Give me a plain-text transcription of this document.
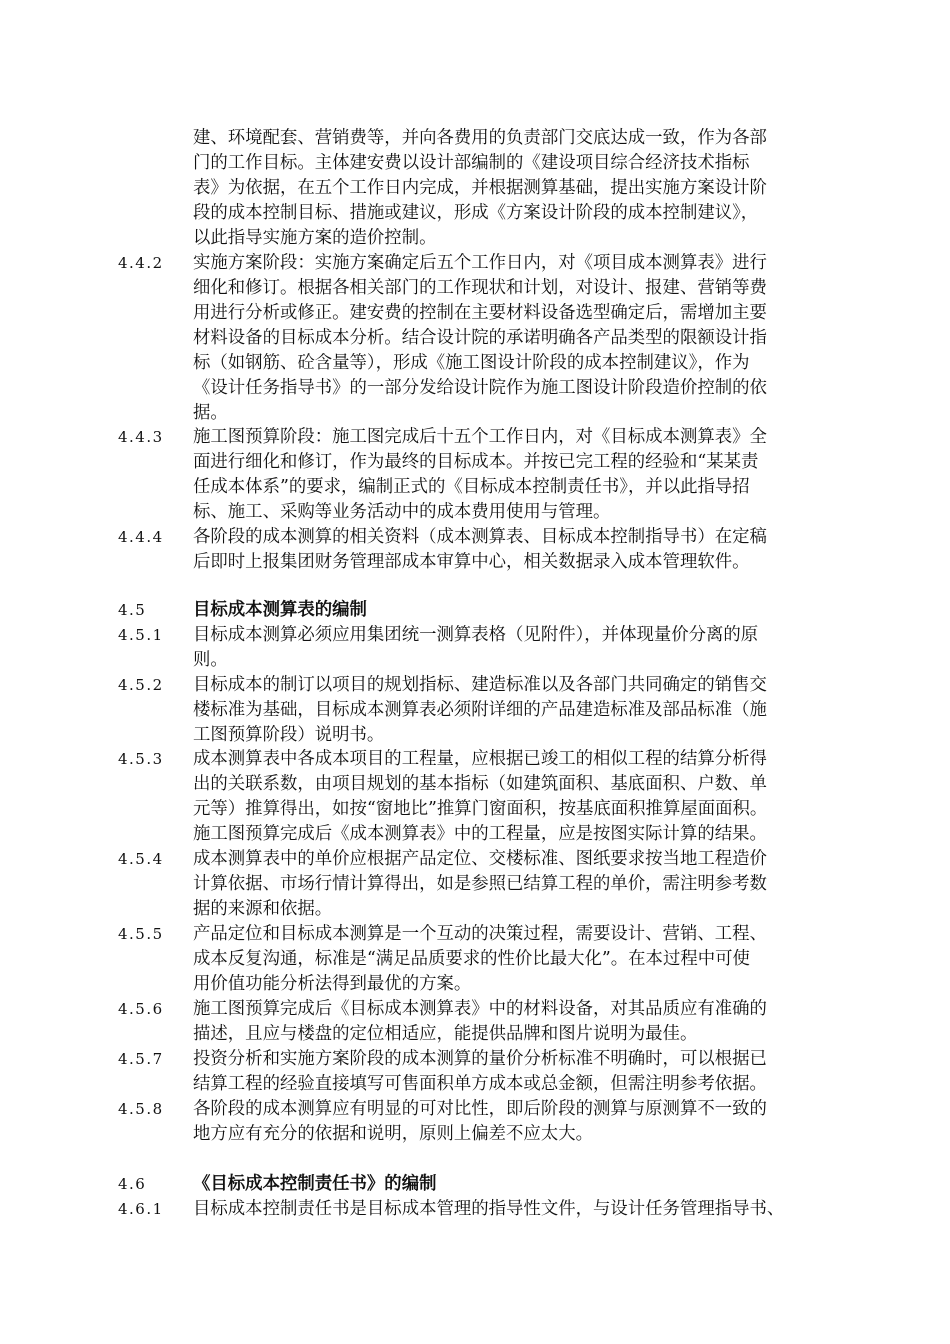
建、环境配套、营销费等，并向各费用的负责部门交底达成一致，作为各部
门的工作目标。主体建安费以设计部编制的《建设项目综合经济技术指标
表》为依据，在五个工作日内完成，并根据测算基础，提出实施方案设计阶
段的成本控制目标、措施或建议，形成《方案设计阶段的成本控制建议》，
以此指导实施方案的造价控制。
4.4.2 实施方案阶段：实施方案确定后五个工作日内，对《项目成本测算表》进行
细化和修订。根据各相关部门的工作现状和计划，对设计、报建、营销等费
用进行分析或修正。建安费的控制在主要材料设备选型确定后，需增加主要
材料设备的目标成本分析。结合设计院的承诺明确各产品类型的限额设计指
标（如钢筋、砼含量等），形成《施工图设计阶段的成本控制建议》，作为
《设计任务指导书》的一部分发给设计院作为施工图设计阶段造价控制的依
据。
4.4.3 施工图预算阶段：施工图完成后十五个工作日内，对《目标成本测算表》全
面进行细化和修订，作为最终的目标成本。并按已完工程的经验和“某某责
任成本体系”的要求，编制正式的《目标成本控制责任书》，并以此指导招
标、施工、采购等业务活动中的成本费用使用与管理。
4.4.4 各阶段的成本测算的相关资料（成本测算表、目标成本控制指导书）在定稿
后即时上报集团财务管理部成本审算中心，相关数据录入成本管理软件。
4.5	目标成本测算表的编制
4.5.1 目标成本测算必须应用集团统一测算表格（见附件），并体现量价分离的原
则。
4.5.2 目标成本的制订以项目的规划指标、建造标准以及各部门共同确定的销售交
楼标准为基础，目标成本测算表必须附详细的产品建造标准及部品标准（施
工图预算阶段）说明书。
4.5.3 成本测算表中各成本项目的工程量，应根据已竣工的相似工程的结算分析得
出的关联系数，由项目规划的基本指标（如建筑面积、基底面积、户数、单
元等）推算得出，如按“窗地比”推算门窗面积，按基底面积推算屋面面积。
施工图预算完成后《成本测算表》中的工程量，应是按图实际计算的结果。
4.5.4 成本测算表中的单价应根据产品定位、交楼标准、图纸要求按当地工程造价
计算依据、市场行情计算得出，如是参照已结算工程的单价，需注明参考数
据的来源和依据。
4.5.5 产品定位和目标成本测算是一个互动的决策过程，需要设计、营销、工程、
成本反复沟通，标准是“满足品质要求的性价比最大化”。在本过程中可使
用价值功能分析法得到最优的方案。
4.5.6 施工图预算完成后《目标成本测算表》中的材料设备，对其品质应有准确的
描述，且应与楼盘的定位相适应，能提供品牌和图片说明为最佳。
4.5.7 投资分析和实施方案阶段的成本测算的量价分析标准不明确时，可以根据已
结算工程的经验直接填写可售面积单方成本或总金额，但需注明参考依据。
4.5.8 各阶段的成本测算应有明显的可对比性，即后阶段的测算与原测算不一致的
地方应有充分的依据和说明，原则上偏差不应太大。
4.6	《目标成本控制责任书》的编制
4.6.1 目标成本控制责任书是目标成本管理的指导性文件，与设计任务管理指导书、
